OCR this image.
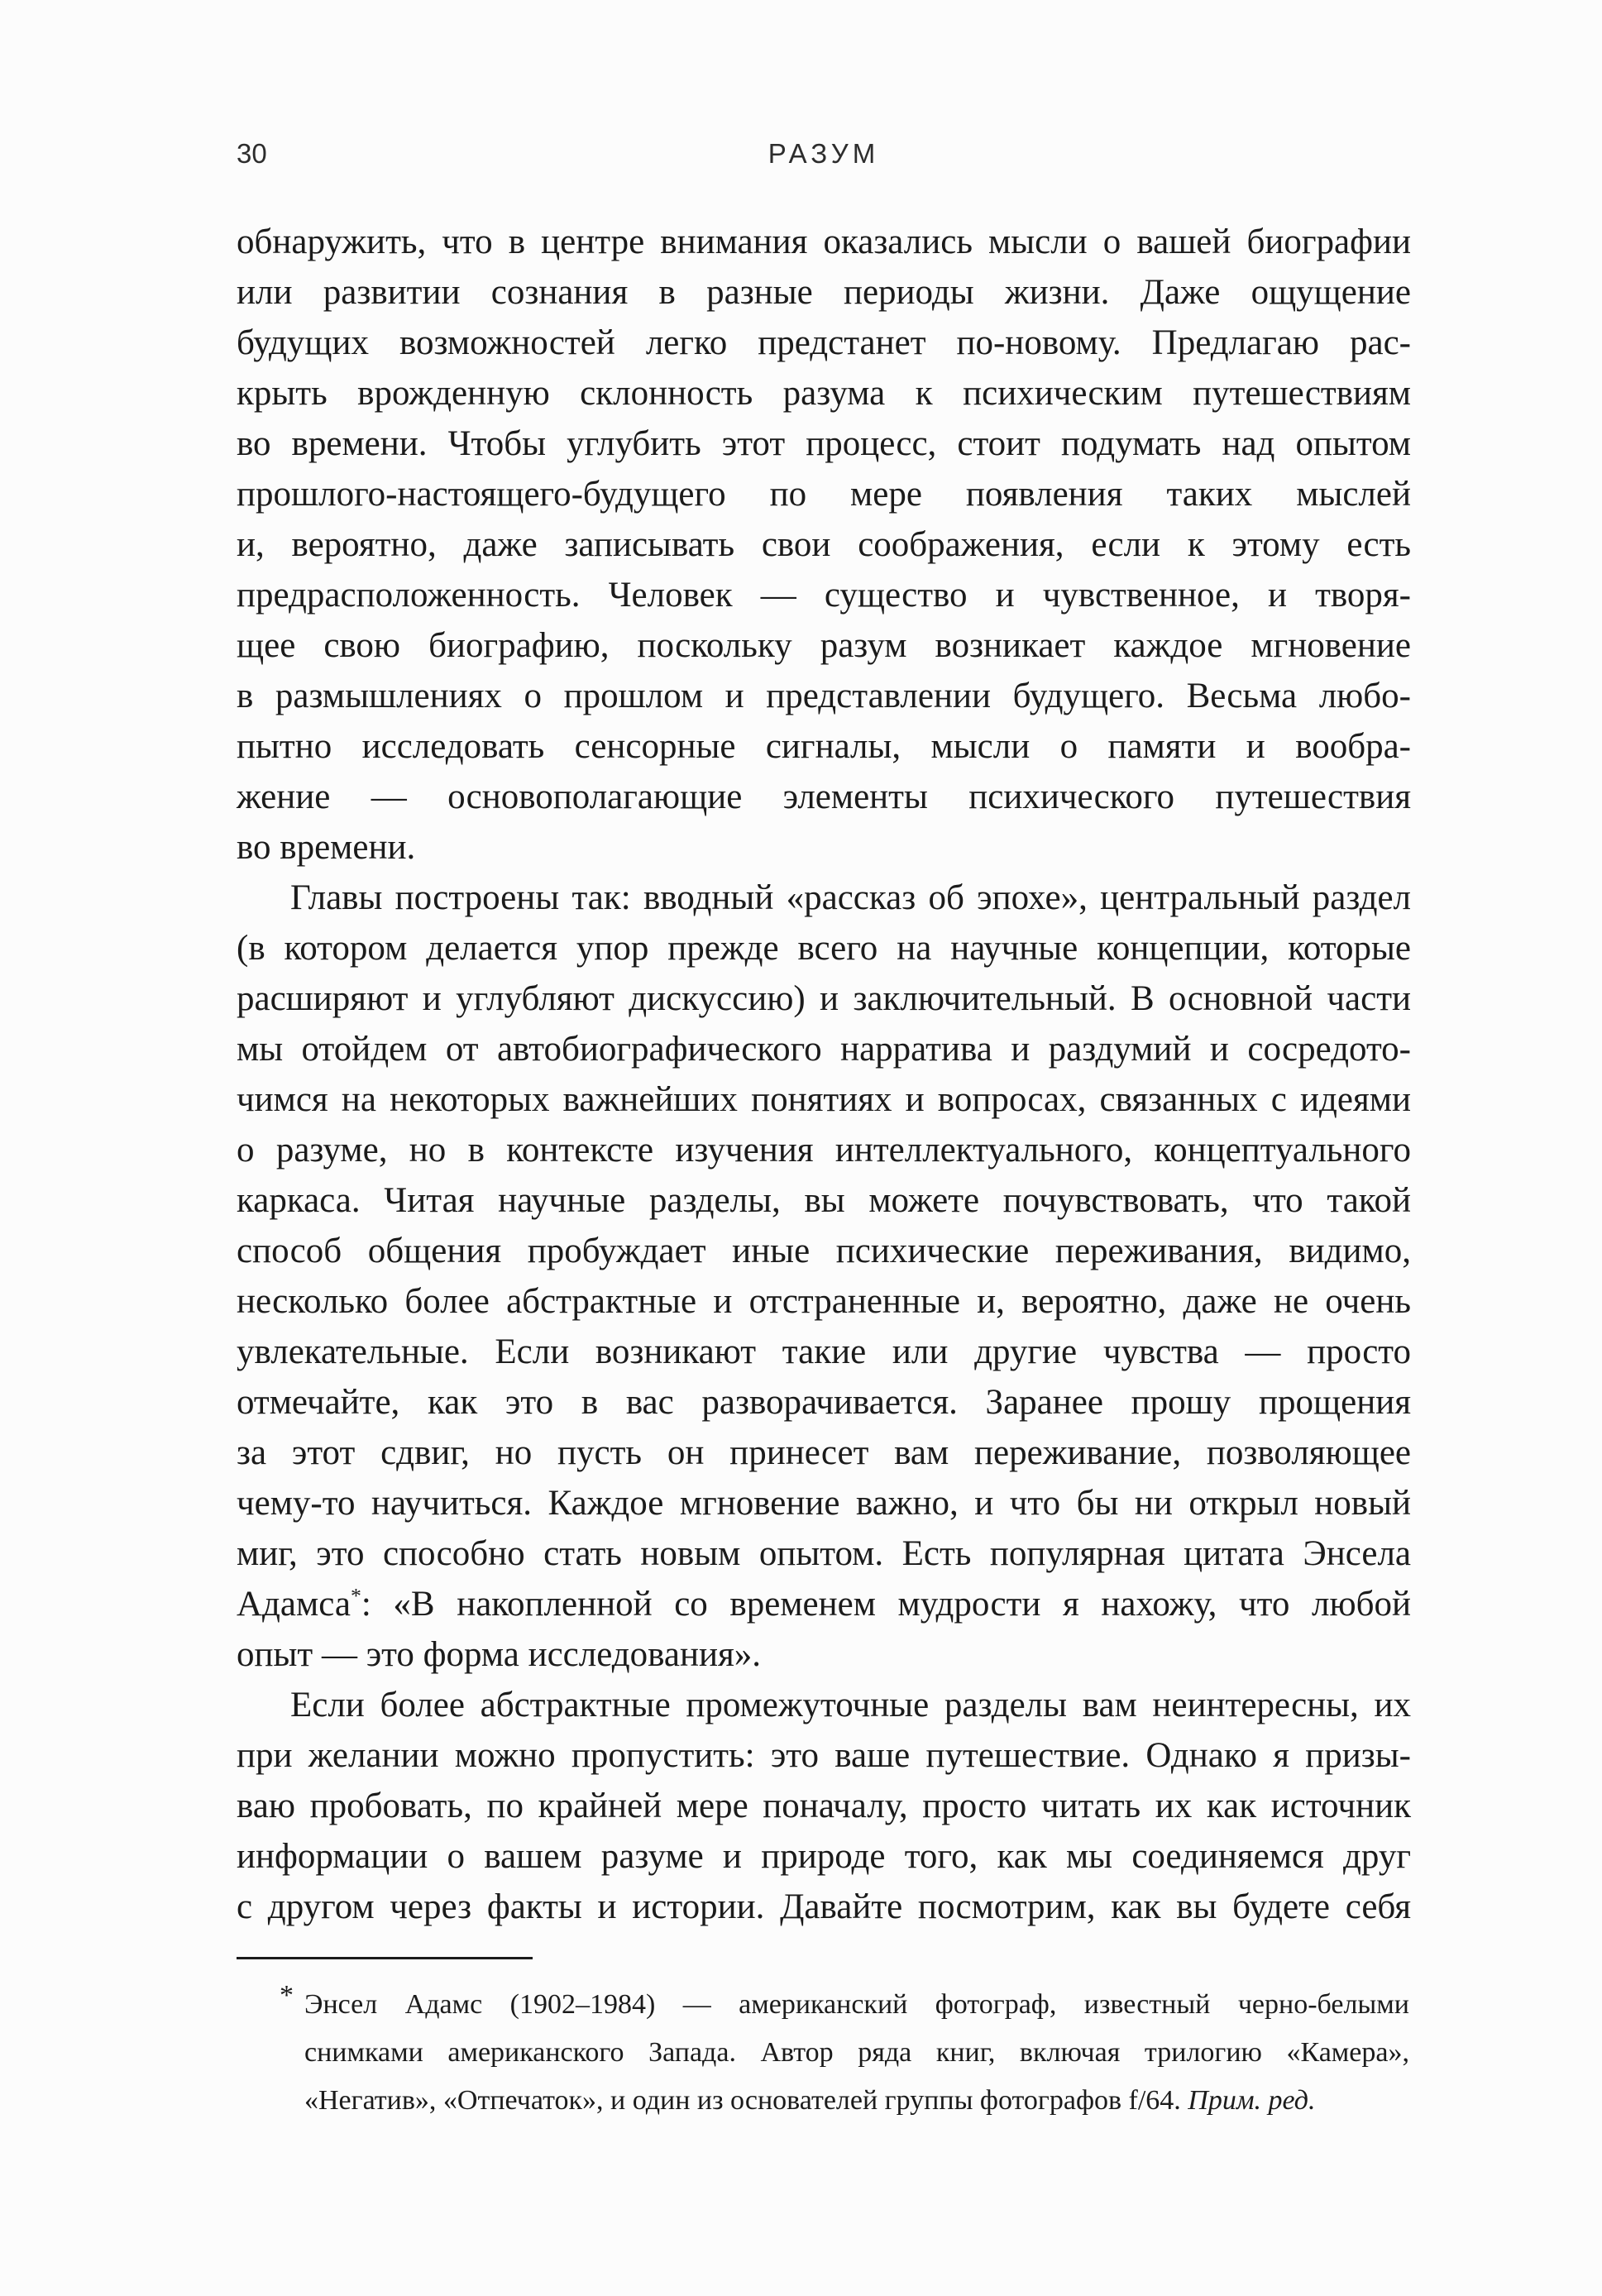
30	РАЗУМ
обнаружить, что в центре внимания оказались мысли о вашей биографии
или развитии сознания в разные периоды жизни. Даже ощущение
будущих возможностей легко предстанет по-новому. Предлагаю рас-
крыть врожденную склонность разума к психическим путешествиям
во времени. Чтобы углубить этот процесс, стоит подумать над опытом
прошлого-настоящего-будущего по мере появления таких мыслей
и, вероятно, даже записывать свои соображения, если к этому есть
предрасположенность. Человек — существо и чувственное, и творя-
щее свою биографию, поскольку разум возникает каждое мгновение
в размышлениях о прошлом и представлении будущего. Весьма любо-
пытно исследовать сенсорные сигналы, мысли о памяти и вообра-
жение — основополагающие элементы психического путешествия
во времени.
Главы построены так: вводный «рассказ об эпохе», центральный раздел
(в котором делается упор прежде всего на научные концепции, которые
расширяют и углубляют дискуссию) и заключительный. В основной части
мы отойдем от автобиографического нарратива и раздумий и сосредото-
чимся на некоторых важнейших понятиях и вопросах, связанных с идеями
о разуме, но в контексте изучения интеллектуального, концептуального
каркаса. Читая научные разделы, вы можете почувствовать, что такой
способ общения пробуждает иные психические переживания, видимо,
несколько более абстрактные и отстраненные и, вероятно, даже не очень
увлекательные. Если возникают такие или другие чувства — просто
отмечайте, как это в вас разворачивается. Заранее прошу прощения
за этот сдвиг, но пусть он принесет вам переживание, позволяющее
чему-то научиться. Каждое мгновение важно, и что бы ни открыл новый
миг, это способно стать новым опытом. Есть популярная цитата Энсела
Адамса*: «В накопленной со временем мудрости я нахожу, что любой
опыт — это форма исследования».
Если более абстрактные промежуточные разделы вам неинтересны, их
при желании можно пропустить: это ваше путешествие. Однако я призы-
ваю пробовать, по крайней мере поначалу, просто читать их как источник
информации о вашем разуме и природе того, как мы соединяемся друг
с другом через факты и истории. Давайте посмотрим, как вы будете себя
* Энсел Адамс (1902–1984) — американский фотограф, известный черно-белыми
снимками американского Запада. Автор ряда книг, включая трилогию «Камера»,
«Негатив», «Отпечаток», и один из основателей группы фотографов f/64. Прим. ред.
